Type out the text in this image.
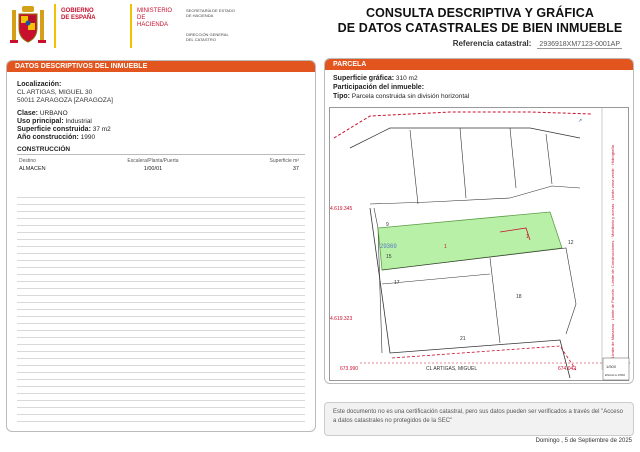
GOBIERNO
DE ESPAÑA
MINISTERIO
DE HACIENDA
SECRETARÍA DE ESTADO
DE HACIENDA
DIRECCIÓN GENERAL
DEL CATASTRO
CONSULTA DESCRIPTIVA Y GRÁFICA
DE DATOS CATASTRALES DE BIEN INMUEBLE
Referencia catastral: 2936918XM7123-0001AP
DATOS DESCRIPTIVOS DEL INMUEBLE
Localización:
CL ARTIGAS, MIGUEL 30
50011 ZARAGOZA [ZARAGOZA]
Clase: URBANO
Uso principal: Industrial
Superficie construida: 37 m2
Año construcción: 1990
CONSTRUCCIÓN
Destino	Escalera/Planta/Puerta	Superficie m²
ALMACEN	1/00/01	37
PARCELA
Superficie gráfica: 310 m2
Participación del inmueble:
Tipo: Parcela construida sin división horizontal
4.619.345
4.619.323
673.990	674.042
29369
CL ARTIGAS, MIGUEL
9
12
15
17
18
21
1
1
↗
Límite de Manzana · Límite de Parcela · Límite de Construcciones · Mobiliario y aceras · Límite zona verde · Hidrografía
1/500
ESCALA 1/500
Este documento no es una certificación catastral, pero sus datos pueden ser verificados a través del "Acceso a datos catastrales no protegidos de la SEC"
Domingo , 5 de Septiembre de 2025
